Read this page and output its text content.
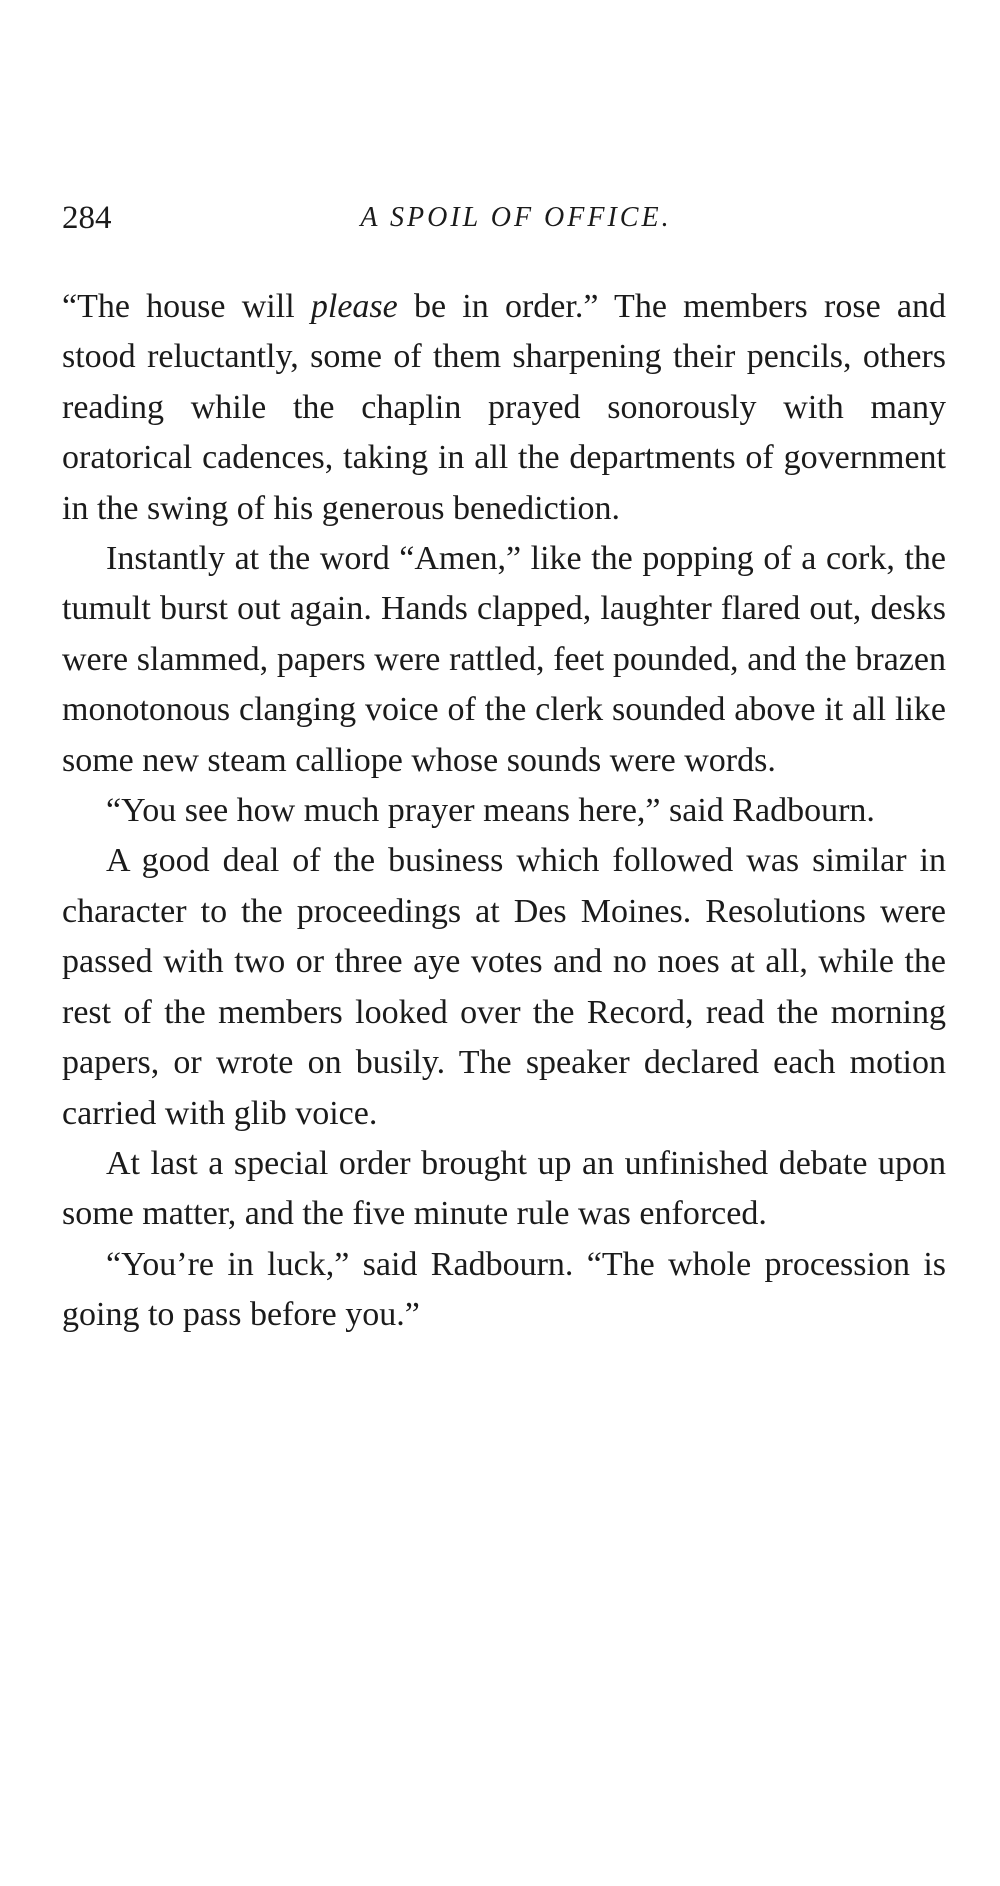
284	A SPOIL OF OFFICE.

“The house will please be in order.” The members rose and stood reluctantly, some of them sharpening their pencils, others reading while the chaplin prayed sonorously with many oratorical cadences, taking in all the departments of government in the swing of his generous benediction.

Instantly at the word “Amen,” like the popping of a cork, the tumult burst out again. Hands clapped, laughter flared out, desks were slammed, papers were rattled, feet pounded, and the brazen monotonous clanging voice of the clerk sounded above it all like some new steam calliope whose sounds were words.

“You see how much prayer means here,” said Radbourn.

A good deal of the business which followed was similar in character to the proceedings at Des Moines. Resolutions were passed with two or three aye votes and no noes at all, while the rest of the members looked over the Record, read the morning papers, or wrote on busily. The speaker declared each motion carried with glib voice.

At last a special order brought up an unfinished debate upon some matter, and the five minute rule was enforced.

“You’re in luck,” said Radbourn. “The whole procession is going to pass before you.”
